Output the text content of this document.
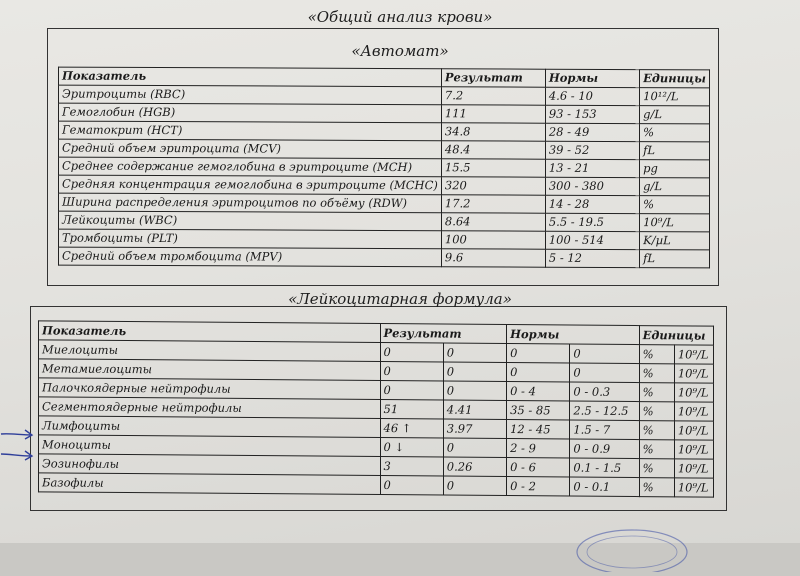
«Общий анализ крови»
«Автомат»
Показатель	Результат	Нормы	Единицы
Эритроциты (RBC)	7.2	4.6 - 10	10¹²/L
Гемоглобин (HGB)	111	93 - 153	g/L
Гематокрит (HCT)	34.8	28 - 49	%
Средний объем эритроцита (MCV)	48.4	39 - 52	fL
Среднее содержание гемоглобина в эритроците (MCH)	15.5	13 - 21	pg
Средняя концентрация гемоглобина в эритроците (MCHC)	320	300 - 380	g/L
Ширина распределения эритроцитов по объёму (RDW)	17.2	14 - 28	%
Лейкоциты (WBC)	8.64	5.5 - 19.5	10⁹/L
Тромбоциты (PLT)	100	100 - 514	K/µL
Средний объем тромбоцита (MPV)	9.6	5 - 12	fL
«Лейкоцитарная формула»
Показатель	Результат		Нормы		Единицы	
Миелоциты	0	0	0	0	%	10⁹/L
Метамиелоциты	0	0	0	0	%	10⁹/L
Палочкоядерные нейтрофилы	0	0	0 - 4	0 - 0.3	%	10⁹/L
Сегментоядерные нейтрофилы	51	4.41	35 - 85	2.5 - 12.5	%	10⁹/L
Лимфоциты	46 ↑	3.97	12 - 45	1.5 - 7	%	10⁹/L
Моноциты	0 ↓	0	2 - 9	0 - 0.9	%	10⁹/L
Эозинофилы	3	0.26	0 - 6	0.1 - 1.5	%	10⁹/L
Базофилы	0	0	0 - 2	0 - 0.1	%	10⁹/L
